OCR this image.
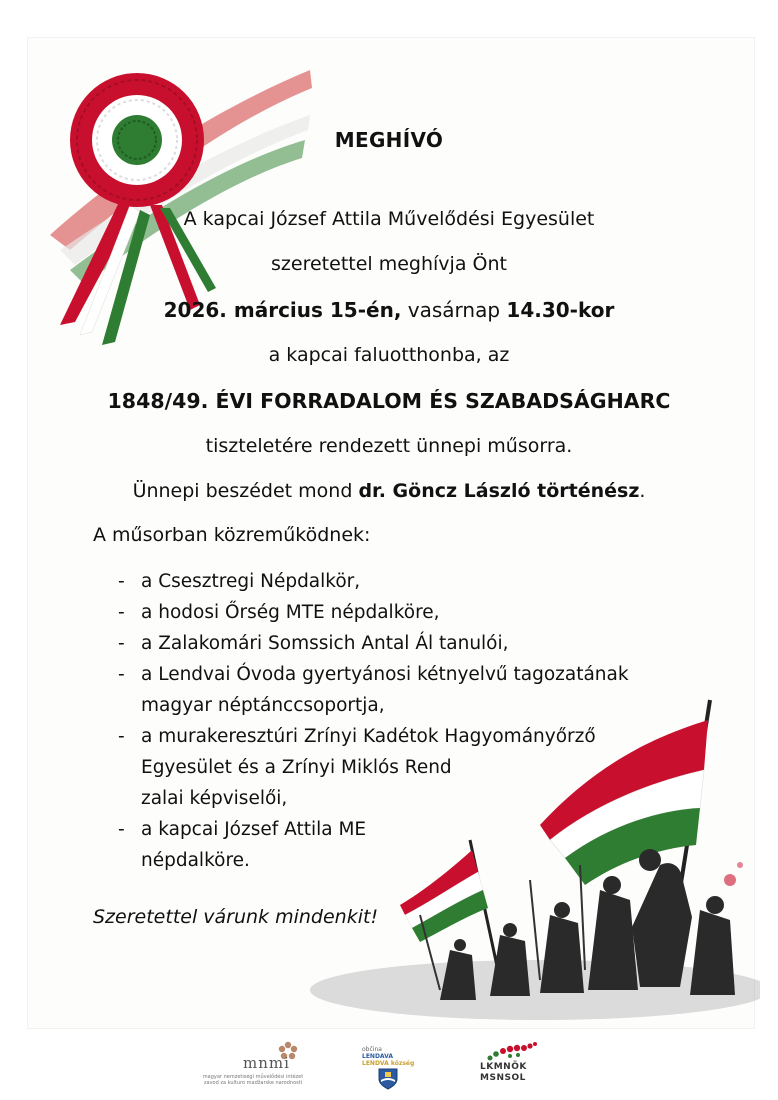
MEGHÍVÓ
A kapcai József Attila Művelődési Egyesület
szeretettel meghívja Önt
2026. március 15-én, vasárnap 14.30-kor
a kapcai faluotthonba, az
1848/49. ÉVI FORRADALOM ÉS SZABADSÁGHARC
tiszteletére rendezett ünnepi műsorra.
Ünnepi beszédet mond dr. Göncz László történész.
A műsorban közreműködnek:
- a Csesztregi Népdalkör,
- a hodosi Őrség MTE népdalköre,
- a Zalakomári Somssich Antal Ál tanulói,
- a Lendvai Óvoda gyertyánosi kétnyelvű tagozatának
magyar néptánccsoportja,
- a murakeresztúri Zrínyi Kadétok Hagyományőrző
Egyesület és a Zrínyi Miklós Rend
zalai képviselői,
- a kapcai József Attila ME
népdalköre.
Szeretettel várunk mindenkit!
mnmi
magyar nemzetiségi művelődési intézet
zavod za kulturo madžarske narodnosti
občina
LENDAVA
LENDVA község	LKMNÖK
MSNSOL
